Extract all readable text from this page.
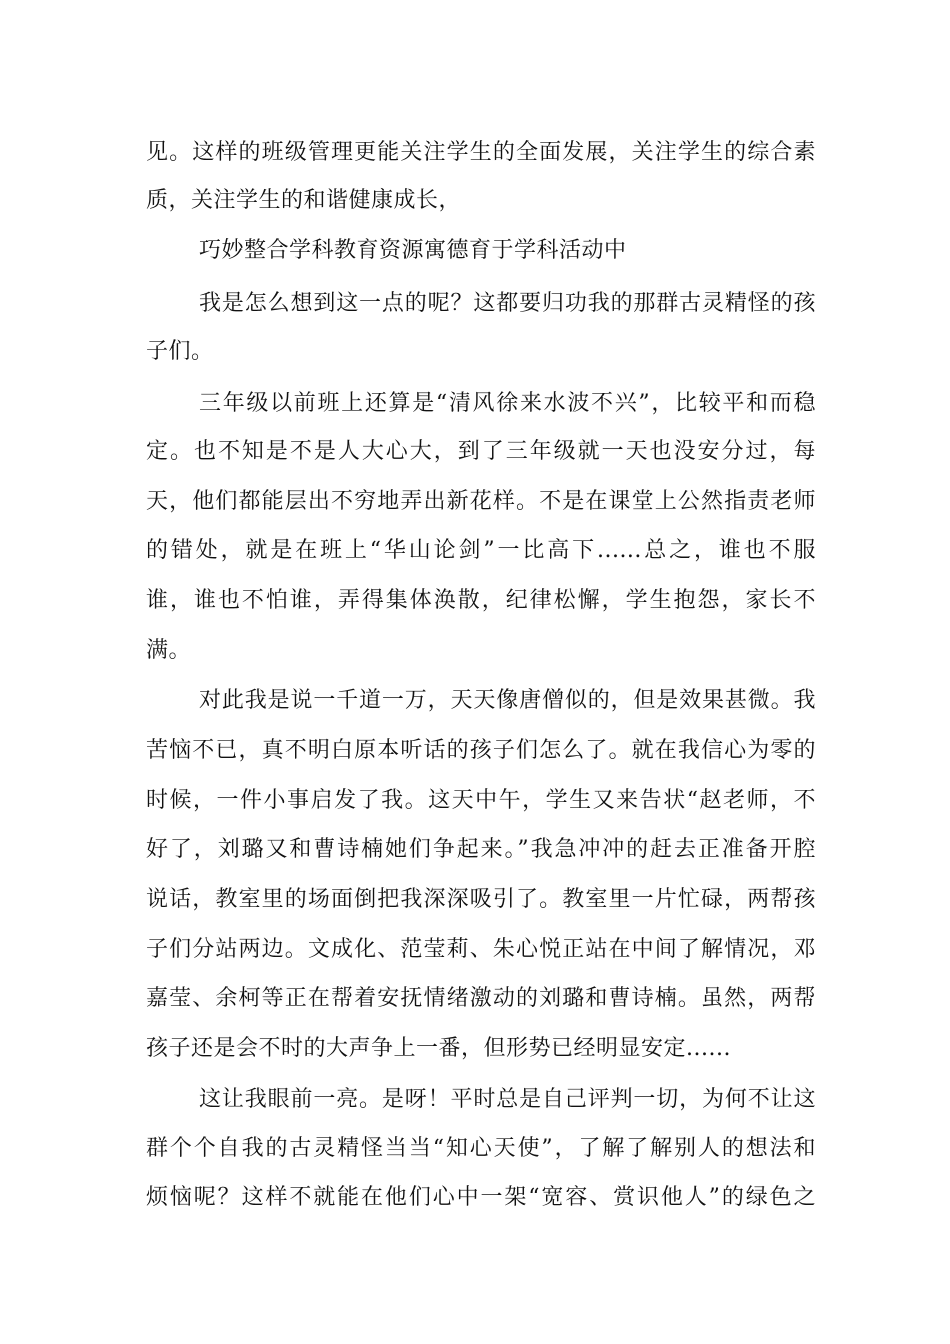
见。这样的班级管理更能关注学生的全面发展，关注学生的综合素
质，关注学生的和谐健康成长，
巧妙整合学科教育资源寓德育于学科活动中
我是怎么想到这一点的呢？这都要归功我的那群古灵精怪的孩
子们。
三年级以前班上还算是“清风徐来水波不兴”，比较平和而稳
定。也不知是不是人大心大，到了三年级就一天也没安分过，每
天，他们都能层出不穷地弄出新花样。不是在课堂上公然指责老师
的错处，就是在班上“华山论剑”一比高下......总之，谁也不服
谁，谁也不怕谁，弄得集体涣散，纪律松懈，学生抱怨，家长不
满。
对此我是说一千道一万，天天像唐僧似的，但是效果甚微。我
苦恼不已，真不明白原本听话的孩子们怎么了。就在我信心为零的
时候，一件小事启发了我。这天中午，学生又来告状“赵老师，不
好了，刘璐又和曹诗楠她们争起来。”我急冲冲的赶去正准备开腔
说话，教室里的场面倒把我深深吸引了。教室里一片忙碌，两帮孩
子们分站两边。文成化、范莹莉、朱心悦正站在中间了解情况，邓
嘉莹、余柯等正在帮着安抚情绪激动的刘璐和曹诗楠。虽然，两帮
孩子还是会不时的大声争上一番，但形势已经明显安定......
这让我眼前一亮。是呀！平时总是自己评判一切，为何不让这
群个个自我的古灵精怪当当“知心天使”，了解了解别人的想法和
烦恼呢？这样不就能在他们心中一架“宽容、赏识他人”的绿色之
